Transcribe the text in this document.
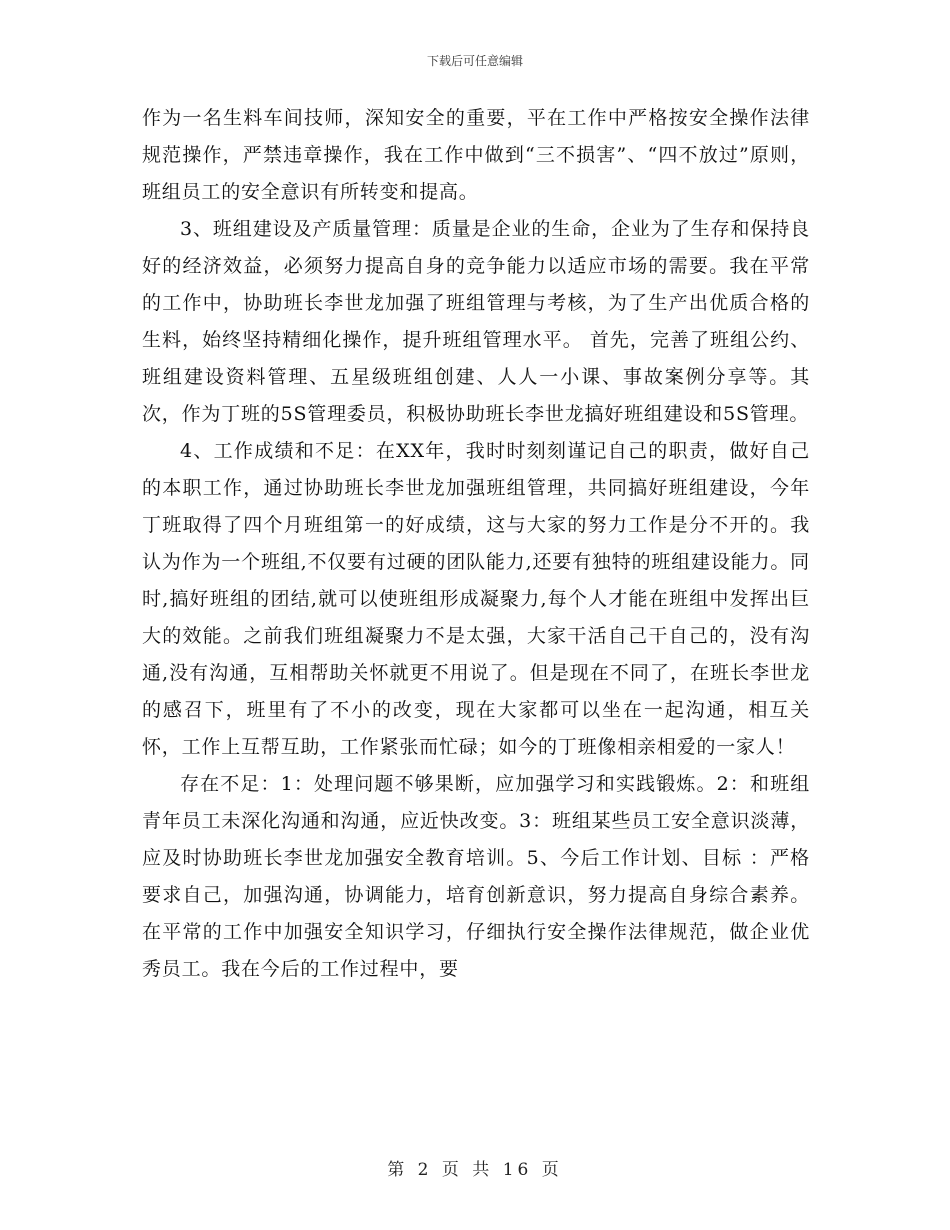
下载后可任意编辑

作为一名生料车间技师，深知安全的重要，平在工作中严格按安全操作法律规范操作，严禁违章操作，我在工作中做到“三不损害”、“四不放过”原则，班组员工的安全意识有所转变和提高。

3、班组建设及产质量管理：质量是企业的生命，企业为了生存和保持良好的经济效益，必须努力提高自身的竞争能力以适应市场的需要。我在平常的工作中，协助班长李世龙加强了班组管理与考核，为了生产出优质合格的生料，始终坚持精细化操作，提升班组管理水平。 首先，完善了班组公约、班组建设资料管理、五星级班组创建、人人一小课、事故案例分享等。其次，作为丁班的5S管理委员，积极协助班长李世龙搞好班组建设和5S管理。

4、工作成绩和不足：在XX年，我时时刻刻谨记自己的职责，做好自己的本职工作，通过协助班长李世龙加强班组管理，共同搞好班组建设，今年丁班取得了四个月班组第一的好成绩，这与大家的努力工作是分不开的。我认为作为一个班组,不仅要有过硬的团队能力,还要有独特的班组建设能力。同时,搞好班组的团结,就可以使班组形成凝聚力,每个人才能在班组中发挥出巨大的效能。之前我们班组凝聚力不是太强，大家干活自己干自己的，没有沟通,没有沟通，互相帮助关怀就更不用说了。但是现在不同了，在班长李世龙的感召下，班里有了不小的改变，现在大家都可以坐在一起沟通，相互关怀，工作上互帮互助，工作紧张而忙碌；如今的丁班像相亲相爱的一家人！

存在不足：1：处理问题不够果断，应加强学习和实践锻炼。2：和班组青年员工未深化沟通和沟通，应近快改变。3：班组某些员工安全意识淡薄，应及时协助班长李世龙加强安全教育培训。5、今后工作计划、目标 ：严格要求自己，加强沟通，协调能力，培育创新意识，努力提高自身综合素养。在平常的工作中加强安全知识学习，仔细执行安全操作法律规范，做企业优秀员工。我在今后的工作过程中，要

第 2 页 共 16 页
